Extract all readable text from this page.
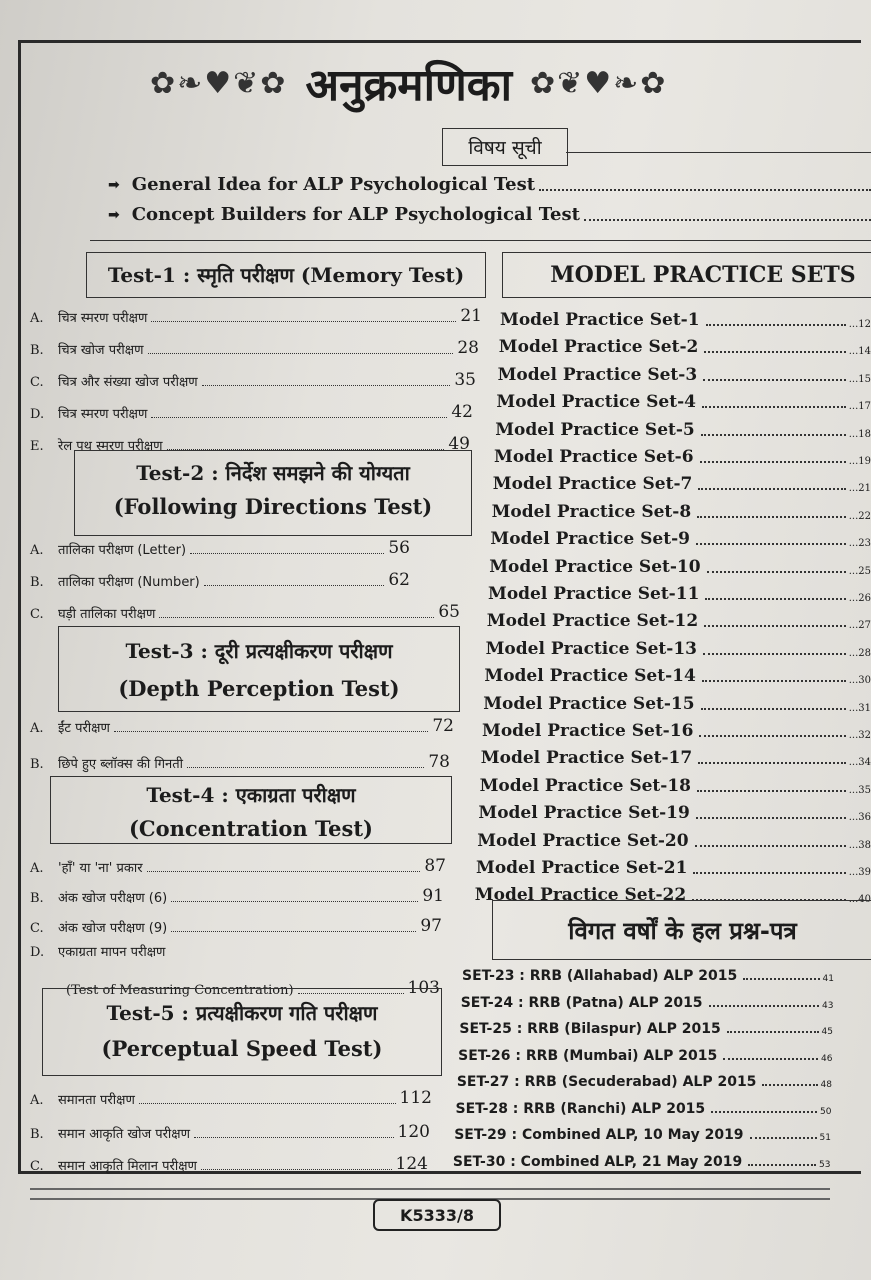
✿❧♥❦✿ अनुक्रमणिका ✿❦♥❧✿
विषय सूची
➡ General Idea for ALP Psychological Test
➡ Concept Builders for ALP Psychological Test
Test-1 : स्मृति परीक्षण (Memory Test)
A.	चित्र स्मरण परीक्षण	21
B.	चित्र खोज परीक्षण	28
C.	चित्र और संख्या खोज परीक्षण	35
D.	चित्र स्मरण परीक्षण	42
E.	रेल पथ स्मरण परीक्षण	49
Test-2 : निर्देश समझने की योग्यता
(Following Directions Test)
A.	तालिका परीक्षण (Letter)	56
B.	तालिका परीक्षण (Number)	62
C.	घड़ी तालिका परीक्षण	65
Test-3 : दूरी प्रत्यक्षीकरण परीक्षण
(Depth Perception Test)
A.	ईंट परीक्षण	72
B.	छिपे हुए ब्लॉक्स की गिनती	78
Test-4 : एकाग्रता परीक्षण
(Concentration Test)
A.	'हाँ' या 'ना' प्रकार	87
B.	अंक खोज परीक्षण (6)	91
C.	अंक खोज परीक्षण (9)	97
D.	एकाग्रता मापन परीक्षण
(Test of Measuring Concentration)	103
Test-5 : प्रत्यक्षीकरण गति परीक्षण
(Perceptual Speed Test)
A.	समानता परीक्षण	112
B.	समान आकृति खोज परीक्षण	120
C.	समान आकृति मिलान परीक्षण	124
MODEL PRACTICE SETS
Model Practice Set-1	...12
Model Practice Set-2	...14
Model Practice Set-3	...15
Model Practice Set-4	...17
Model Practice Set-5	...18
Model Practice Set-6	...19
Model Practice Set-7	...21
Model Practice Set-8	...22
Model Practice Set-9	...23
Model Practice Set-10	...25
Model Practice Set-11	...26
Model Practice Set-12	...27
Model Practice Set-13	...28
Model Practice Set-14	...30
Model Practice Set-15	...31
Model Practice Set-16	...32
Model Practice Set-17	...34
Model Practice Set-18	...35
Model Practice Set-19	...36
Model Practice Set-20	...38
Model Practice Set-21	...39
Model Practice Set-22	...40
विगत वर्षों के हल प्रश्न-पत्र
SET-23 : RRB (Allahabad) ALP 2015	41
SET-24 : RRB (Patna) ALP 2015	43
SET-25 : RRB (Bilaspur) ALP 2015	45
SET-26 : RRB (Mumbai) ALP 2015	46
SET-27 : RRB (Secuderabad) ALP 2015	48
SET-28 : RRB (Ranchi) ALP 2015	50
SET-29 : Combined ALP, 10 May 2019	51
SET-30 : Combined ALP, 21 May 2019	53
K5333/8
